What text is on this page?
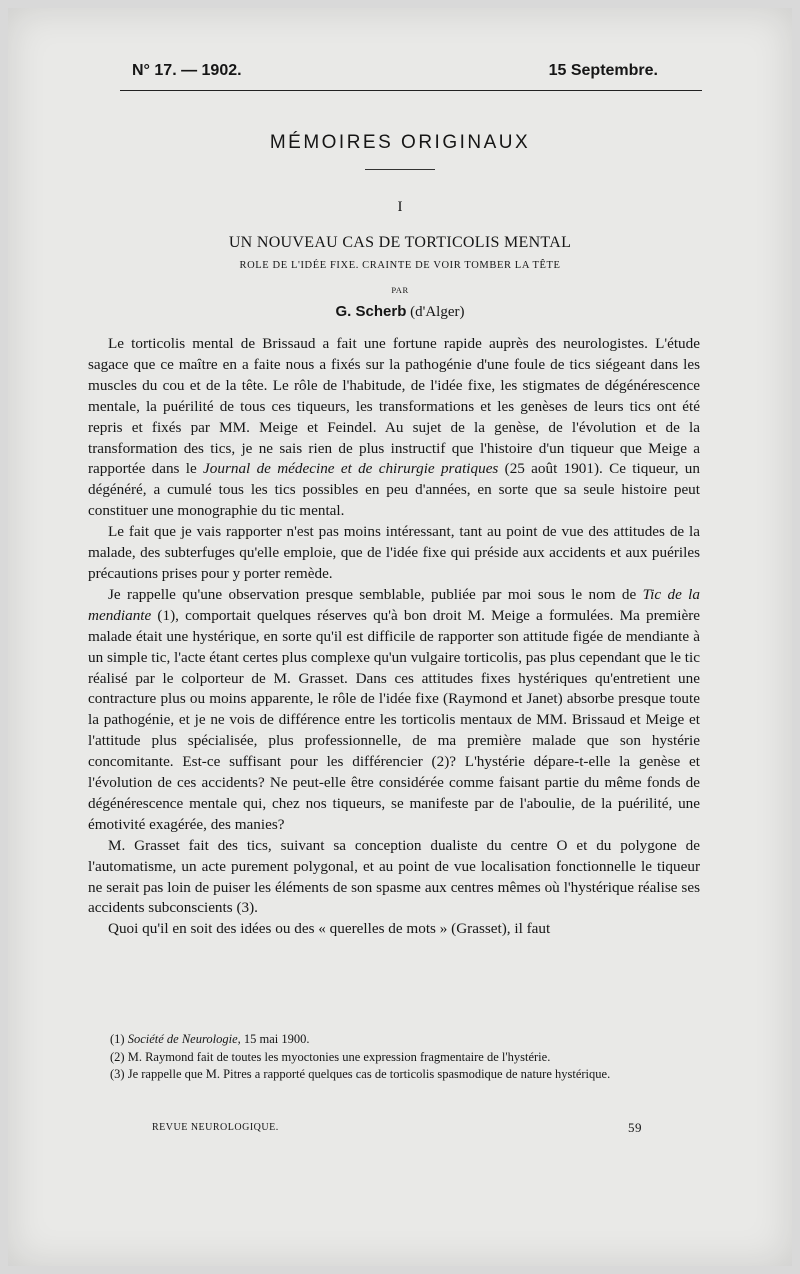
N° 17. — 1902.	15 Septembre.
MÉMOIRES ORIGINAUX
I
UN NOUVEAU CAS DE TORTICOLIS MENTAL
ROLE DE L'IDÉE FIXE. CRAINTE DE VOIR TOMBER LA TÊTE
PAR
G. Scherb (d'Alger)

Le torticolis mental de Brissaud a fait une fortune rapide auprès des neurologistes. L'étude sagace que ce maître en a faite nous a fixés sur la pathogénie d'une foule de tics siégeant dans les muscles du cou et de la tête. Le rôle de l'habitude, de l'idée fixe, les stigmates de dégénérescence mentale, la puérilité de tous ces tiqueurs, les transformations et les genèses de leurs tics ont été repris et fixés par MM. Meige et Feindel. Au sujet de la genèse, de l'évolution et de la transformation des tics, je ne sais rien de plus instructif que l'histoire d'un tiqueur que Meige a rapportée dans le Journal de médecine et de chirurgie pratiques (25 août 1901). Ce tiqueur, un dégénéré, a cumulé tous les tics possibles en peu d'années, en sorte que sa seule histoire peut constituer une monographie du tic mental.

Le fait que je vais rapporter n'est pas moins intéressant, tant au point de vue des attitudes de la malade, des subterfuges qu'elle emploie, que de l'idée fixe qui préside aux accidents et aux puériles précautions prises pour y porter remède.

Je rappelle qu'une observation presque semblable, publiée par moi sous le nom de Tic de la mendiante (1), comportait quelques réserves qu'à bon droit M. Meige a formulées. Ma première malade était une hystérique, en sorte qu'il est difficile de rapporter son attitude figée de mendiante à un simple tic, l'acte étant certes plus complexe qu'un vulgaire torticolis, pas plus cependant que le tic réalisé par le colporteur de M. Grasset. Dans ces attitudes fixes hystériques qu'entretient une contracture plus ou moins apparente, le rôle de l'idée fixe (Raymond et Janet) absorbe presque toute la pathogénie, et je ne vois de différence entre les torticolis mentaux de MM. Brissaud et Meige et l'attitude plus spécialisée, plus professionnelle, de ma première malade que son hystérie concomitante. Est-ce suffisant pour les différencier (2)? L'hystérie dépare-t-elle la genèse et l'évolution de ces accidents? Ne peut-elle être considérée comme faisant partie du même fonds de dégénérescence mentale qui, chez nos tiqueurs, se manifeste par de l'aboulie, de la puérilité, une émotivité exagérée, des manies?

M. Grasset fait des tics, suivant sa conception dualiste du centre O et du polygone de l'automatisme, un acte purement polygonal, et au point de vue localisation fonctionnelle le tiqueur ne serait pas loin de puiser les éléments de son spasme aux centres mêmes où l'hystérique réalise ses accidents subconscients (3).

Quoi qu'il en soit des idées ou des « querelles de mots » (Grasset), il faut

(1) Société de Neurologie, 15 mai 1900.

(2) M. Raymond fait de toutes les myoctonies une expression fragmentaire de l'hystérie.

(3) Je rappelle que M. Pitres a rapporté quelques cas de torticolis spasmodique de nature hystérique.

REVUE NEUROLOGIQUE.	59
